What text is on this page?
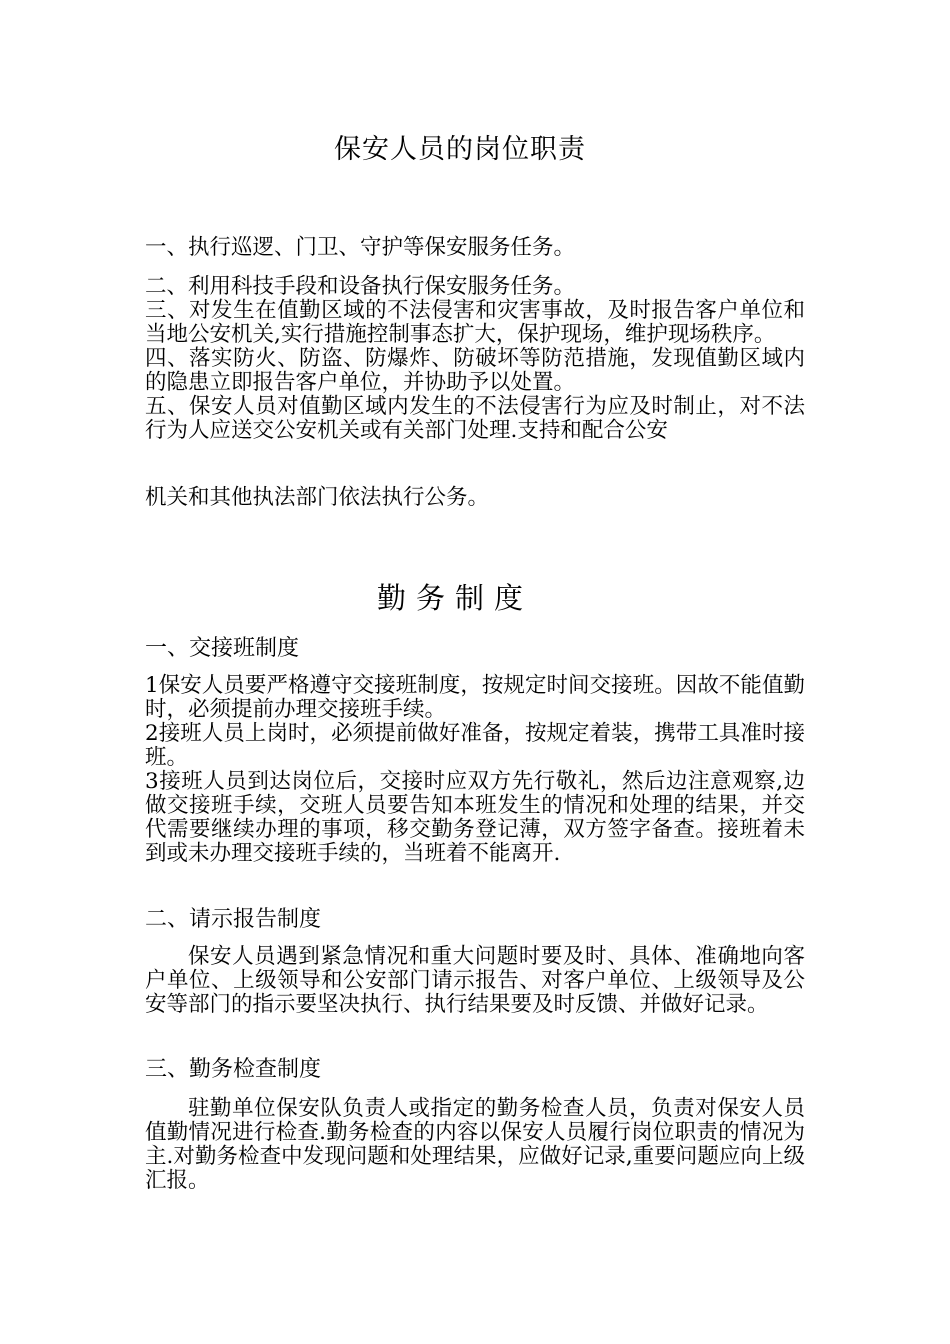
保安人员的岗位职责

一、执行巡逻、门卫、守护等保安服务任务。

二、利用科技手段和设备执行保安服务任务。

三、对发生在值勤区域的不法侵害和灾害事故，及时报告客户单位和当地公安机关,实行措施控制事态扩大，保护现场，维护现场秩序。

四、落实防火、防盗、防爆炸、防破坏等防范措施，发现值勤区域内的隐患立即报告客户单位，并协助予以处置。

五、保安人员对值勤区域内发生的不法侵害行为应及时制止，对不法行为人应送交公安机关或有关部门处理.支持和配合公安

机关和其他执法部门依法执行公务。

勤务制度
一、交接班制度

1保安人员要严格遵守交接班制度，按规定时间交接班。因故不能值勤时，必须提前办理交接班手续。

2接班人员上岗时，必须提前做好准备，按规定着装，携带工具准时接班。

3接班人员到达岗位后，交接时应双方先行敬礼，然后边注意观察,边做交接班手续，交班人员要告知本班发生的情况和处理的结果，并交代需要继续办理的事项，移交勤务登记薄，双方签字备查。接班着未到或未办理交接班手续的，当班着不能离开.

二、请示报告制度

保安人员遇到紧急情况和重大问题时要及时、具体、准确地向客户单位、上级领导和公安部门请示报告、对客户单位、上级领导及公安等部门的指示要坚决执行、执行结果要及时反馈、并做好记录。

三、勤务检查制度

驻勤单位保安队负责人或指定的勤务检查人员，负责对保安人员值勤情况进行检查.勤务检查的内容以保安人员履行岗位职责的情况为主.对勤务检查中发现问题和处理结果，应做好记录,重要问题应向上级汇报。
